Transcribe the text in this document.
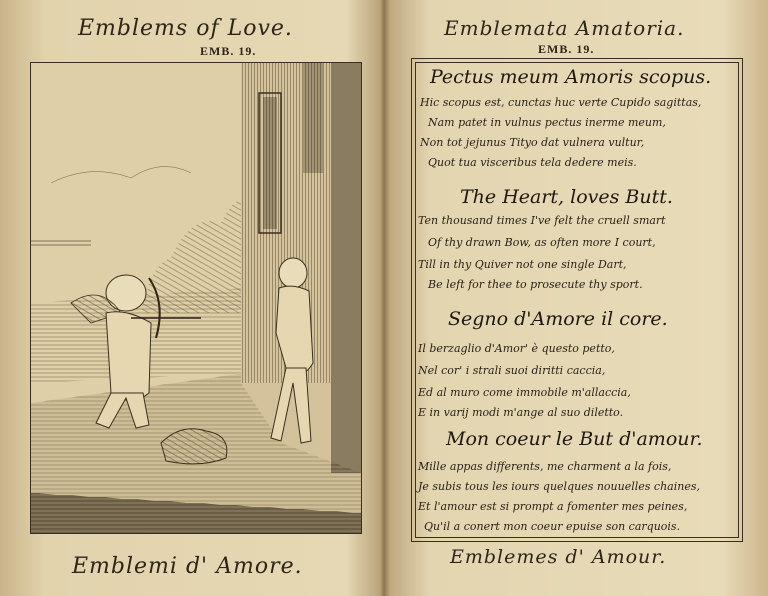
Emblems of Love.
EMB. 19.
Emblemi d' Amore.
Emblemata Amatoria.
EMB. 19.
Pectus meum Amoris scopus.
Hic scopus est, cunctas huc verte Cupido sagittas,
Nam patet in vulnus pectus inerme meum,
Non tot jejunus Tityo dat vulnera vultur,
Quot tua visceribus tela dedere meis.
The Heart, loves Butt.
Ten thousand times I've felt the cruell smart
Of thy drawn Bow, as often more I court,
Till in thy Quiver not one single Dart,
Be left for thee to prosecute thy sport.
Segno d'Amore il core.
Il berzaglio d'Amor' è questo petto,
Nel cor' i strali suoi diritti caccia,
Ed al muro come immobile m'allaccia,
E in varij modi m'ange al suo diletto.
Mon coeur le But d'amour.
Mille appas differents, me charment a la fois,
Je subis tous les iours quelques nouuelles chaines,
Et l'amour est si prompt a fomenter mes peines,
Qu'il a conert mon coeur epuise son carquois.
Emblemes d' Amour.
